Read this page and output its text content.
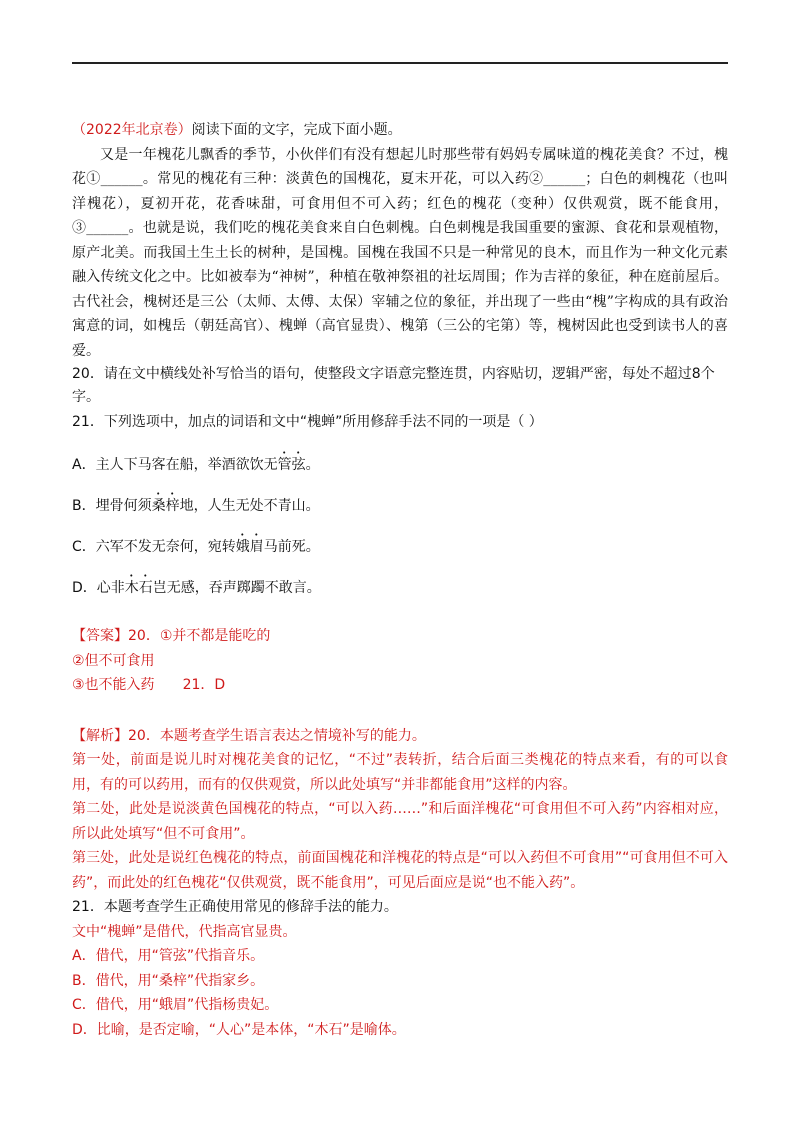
（2022年北京卷）阅读下面的文字，完成下面小题。

又是一年槐花儿飘香的季节，小伙伴们有没有想起儿时那些带有妈妈专属味道的槐花美食？不过，槐花①______。常见的槐花有三种：淡黄色的国槐花，夏末开花，可以入药②______；白色的刺槐花（也叫洋槐花），夏初开花，花香味甜，可食用但不可入药；红色的槐花（变种）仅供观赏，既不能食用，③______。也就是说，我们吃的槐花美食来自白色刺槐。白色刺槐是我国重要的蜜源、食花和景观植物，原产北美。而我国土生土长的树种，是国槐。国槐在我国不只是一种常见的良木，而且作为一种文化元素融入传统文化之中。比如被奉为“神树”，种植在敬神祭祖的社坛周围；作为吉祥的象征，种在庭前屋后。古代社会，槐树还是三公（太师、太傅、太保）宰辅之位的象征，并出现了一些由“槐”字构成的具有政治寓意的词，如槐岳（朝廷高官）、槐蝉（高官显贵）、槐第（三公的宅第）等，槐树因此也受到读书人的喜爱。

20．请在文中横线处补写恰当的语句，使整段文字语意完整连贯，内容贴切，逻辑严密，每处不超过8个字。

21．下列选项中，加点的词语和文中“槐蝉”所用修辞手法不同的一项是（ ）

A．主人下马客在船，举酒欲饮无管弦。
B．埋骨何须桑梓地，人生无处不青山。
C．六军不发无奈何，宛转娥眉马前死。
D．心非木石岂无感，吞声踯躅不敢言。
【答案】20．①并不都是能吃的
②但不可食用
③也不能入药 21．D
【解析】20．本题考查学生语言表达之情境补写的能力。

第一处，前面是说儿时对槐花美食的记忆，“不过”表转折，结合后面三类槐花的特点来看，有的可以食用，有的可以药用，而有的仅供观赏，所以此处填写“并非都能食用”这样的内容。

第二处，此处是说淡黄色国槐花的特点，“可以入药……”和后面洋槐花“可食用但不可入药”内容相对应，所以此处填写“但不可食用”。

第三处，此处是说红色槐花的特点，前面国槐花和洋槐花的特点是“可以入药但不可食用”“可食用但不可入药”，而此处的红色槐花“仅供观赏，既不能食用”，可见后面应是说“也不能入药”。

21．本题考查学生正确使用常见的修辞手法的能力。
文中“槐蝉”是借代，代指高官显贵。
A．借代，用“管弦”代指音乐。
B．借代，用“桑梓”代指家乡。
C．借代，用“蛾眉”代指杨贵妃。
D．比喻，是否定喻，“人心”是本体，“木石”是喻体。
